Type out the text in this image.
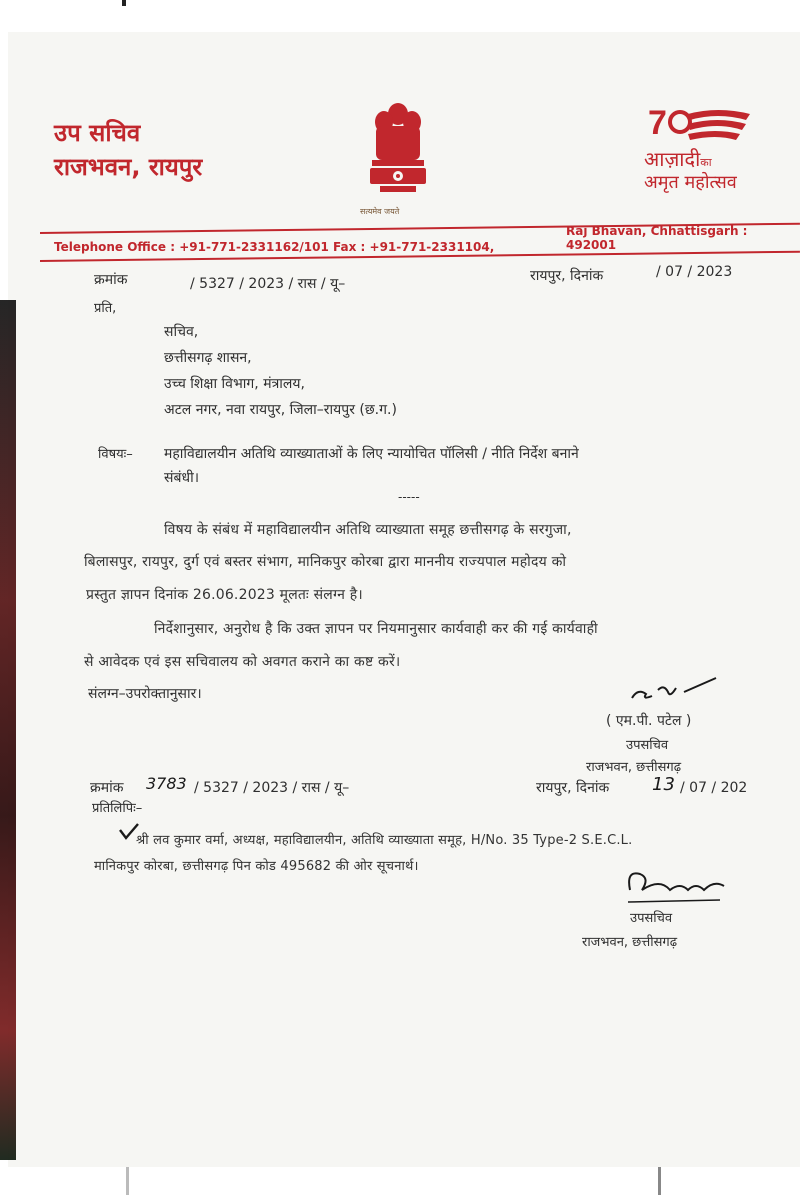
उप सचिव
राजभवन, रायपुर
सत्यमेव जयते
7
आज़ादीका
अमृत महोत्सव
Raj Bhavan, Chhattisgarh : 492001
Telephone Office : +91-771-2331162/101 Fax : +91-771-2331104,
क्रमांक	/ 5327 / 2023 / रास / यू–	रायपुर, दिनांक	/ 07 / 2023
प्रति,
सचिव,
छत्तीसगढ़ शासन,
उच्च शिक्षा विभाग, मंत्रालय,
अटल नगर, नवा रायपुर, जिला–रायपुर (छ.ग.)
विषयः– महाविद्यालयीन अतिथि व्याख्याताओं के लिए न्यायोचित पॉलिसी / नीति निर्देश बनाने
संबंधी।
-----
विषय के संबंध में महाविद्यालयीन अतिथि व्याख्याता समूह छत्तीसगढ़ के सरगुजा,
बिलासपुर, रायपुर, दुर्ग एवं बस्तर संभाग, मानिकपुर कोरबा द्वारा माननीय राज्यपाल महोदय को
प्रस्तुत ज्ञापन दिनांक 26.06.2023 मूलतः संलग्न है।
निर्देशानुसार, अनुरोध है कि उक्त ज्ञापन पर नियमानुसार कार्यवाही कर की गई कार्यवाही
से आवेदक एवं इस सचिवालय को अवगत कराने का कष्ट करें।
संलग्न–उपरोक्तानुसार।
( एम.पी. पटेल )
उपसचिव
राजभवन, छत्तीसगढ़
क्रमांक 3783 / 5327 / 2023 / रास / यू–	रायपुर, दिनांक 13 / 07 / 202
प्रतिलिपिः–
श्री लव कुमार वर्मा, अध्यक्ष, महाविद्यालयीन, अतिथि व्याख्याता समूह, H/No. 35 Type-2 S.E.C.L.
मानिकपुर कोरबा, छत्तीसगढ़ पिन कोड 495682 की ओर सूचनार्थ।
उपसचिव
राजभवन, छत्तीसगढ़
